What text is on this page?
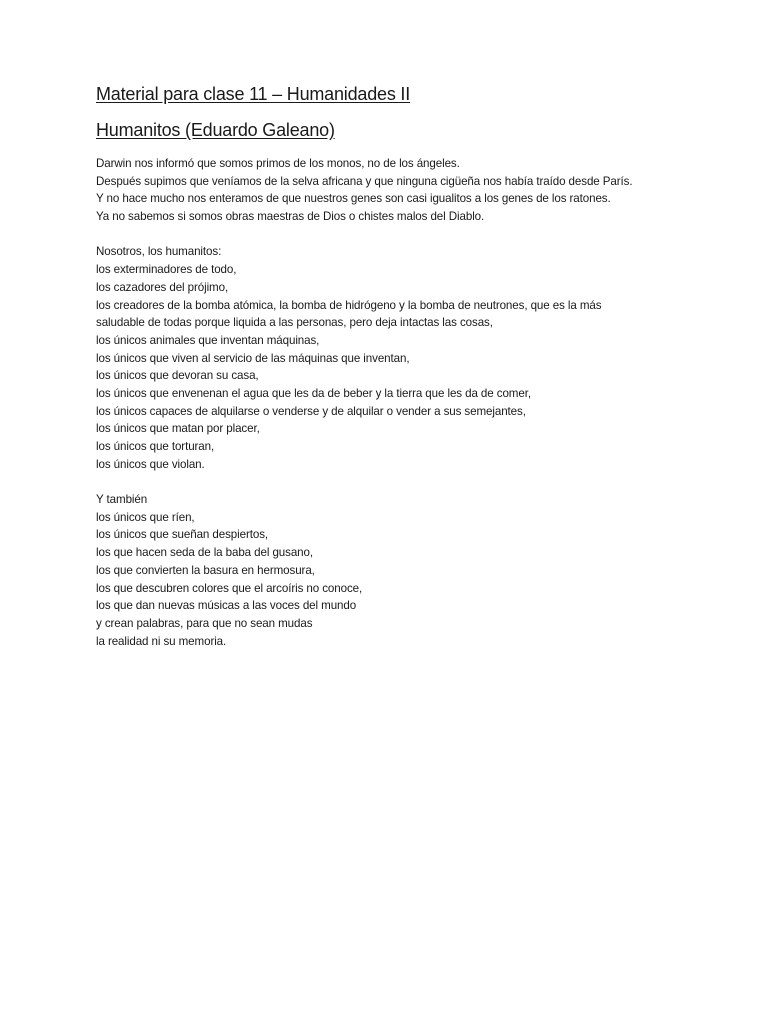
Material para clase 11 – Humanidades II
Humanitos (Eduardo Galeano)
Darwin nos informó que somos primos de los monos, no de los ángeles.
Después supimos que veníamos de la selva africana y que ninguna cigüeña nos había traído desde París.
Y no hace mucho nos enteramos de que nuestros genes son casi igualitos a los genes de los ratones.
Ya no sabemos si somos obras maestras de Dios o chistes malos del Diablo.
Nosotros, los humanitos:
los exterminadores de todo,
los cazadores del prójimo,
los creadores de la bomba atómica, la bomba de hidrógeno y la bomba de neutrones, que es la más
saludable de todas porque liquida a las personas, pero deja intactas las cosas,
los únicos animales que inventan máquinas,
los únicos que viven al servicio de las máquinas que inventan,
los únicos que devoran su casa,
los únicos que envenenan el agua que les da de beber y la tierra que les da de comer,
los únicos capaces de alquilarse o venderse y de alquilar o vender a sus semejantes,
los únicos que matan por placer,
los únicos que torturan,
los únicos que violan.
Y también
los únicos que ríen,
los únicos que sueñan despiertos,
los que hacen seda de la baba del gusano,
los que convierten la basura en hermosura,
los que descubren colores que el arcoíris no conoce,
los que dan nuevas músicas a las voces del mundo
y crean palabras, para que no sean mudas
la realidad ni su memoria.
